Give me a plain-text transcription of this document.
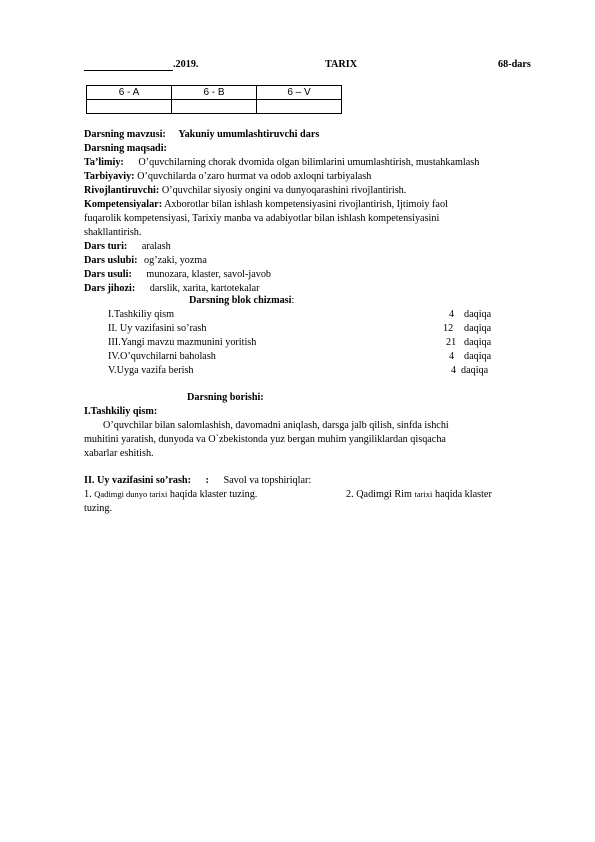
.2019.	TARIX	68-dars
6 - A	6 - B	6 – V

Darsning mavzusi: Yakuniy umumlashtiruvchi dars
Darsning maqsadi:
Ta’limiy: O’quvchilarning chorak dvomida olgan bilimlarini umumlashtirish, mustahkamlash
Tarbiyaviy: O’quvchilarda o’zaro hurmat va odob axloqni tarbiyalash
Rivojlantiruvchi: O’quvchilar siyosiy ongini va dunyoqarashini rivojlantirish.
Kompetensiyalar: Axborotlar bilan ishlash kompetensiyasini rivojlantirish, Ijtimoiy faol
fuqarolik kompetensiyasi, Tarixiy manba va adabiyotlar bilan ishlash kompetensiyasini
shakllantirish.
Dars turi: aralash
Dars uslubi: og’zaki, yozma
Dars usuli: munozara, klaster, savol-javob
Dars jihozi: darslik, xarita, kartotekalar
Darsning blok chizmasi:
I.Tashkiliy qism	4 daqiqa
II. Uy vazifasini so’rash	12 daqiqa
III.Yangi mavzu mazmunini yoritish	21 daqiqa
IV.O’quvchilarni baholash	4 daqiqa
V.Uyga vazifa berish	4 daqiqa
Darsning borishi:
I.Tashkiliy qism:
O’quvchilar bilan salomlashish, davomadni aniqlash, darsga jalb qilish, sinfda ishchi
muhitini yaratish, dunyoda va O`zbekistonda yuz bergan muhim yangiliklardan qisqacha
xabarlar eshitish.
II. Uy vazifasini so’rash: : Savol va topshiriqlar:
1. Qadimgi dunyo tarixi haqida klaster tuzing.	2. Qadimgi Rim tarixi haqida klaster
tuzing.
